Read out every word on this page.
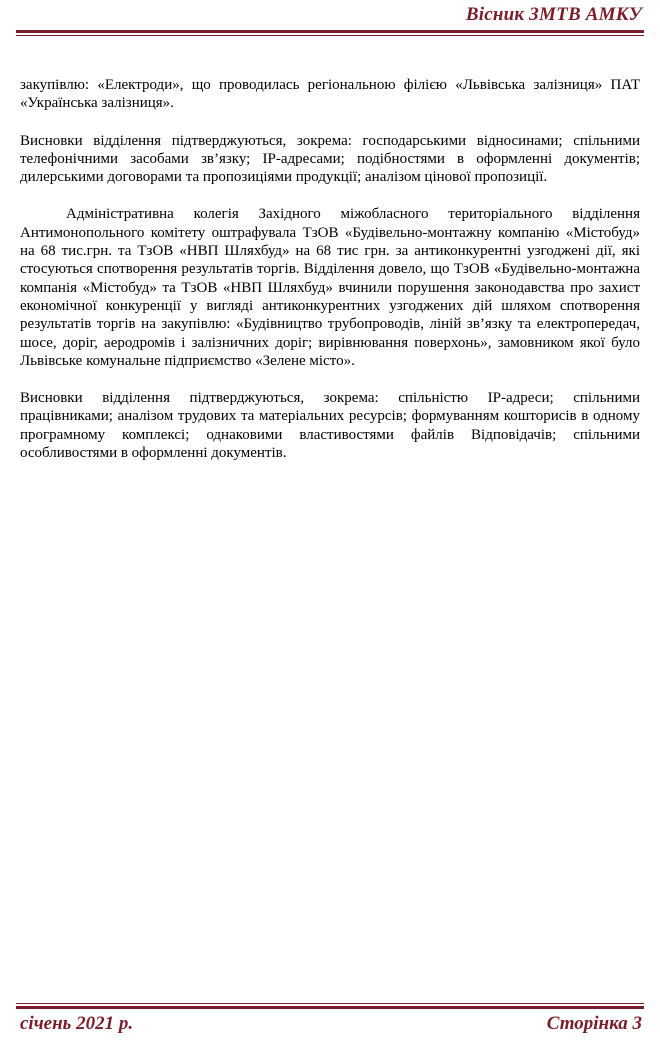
Вісник ЗМТВ АМКУ

закупівлю: «Електроди», що проводилась регіональною філією «Львівська залізниця» ПАТ «Українська залізниця».

Висновки відділення підтверджуються, зокрема: господарськими відносинами; спільними телефонічними засобами зв’язку; IP-адресами; подібностями в оформленні документів; дилерськими договорами та пропозиціями продукції; аналізом цінової пропозиції.

Адміністративна колегія Західного міжобласного територіального відділення Антимонопольного комітету оштрафувала ТзОВ «Будівельно-монтажну компанію «Містобуд» на 68 тис.грн. та ТзОВ «НВП Шляхбуд» на 68 тис грн. за антиконкурентні узгоджені дії, які стосуються спотворення результатів торгів. Відділення довело, що ТзОВ «Будівельно-монтажна компанія «Містобуд» та ТзОВ «НВП Шляхбуд» вчинили порушення законодавства про захист економічної конкуренції у вигляді антиконкурентних узгоджених дій шляхом спотворення результатів торгів на закупівлю: «Будівництво трубопроводів, ліній зв’язку та електропередач, шосе, доріг, аеродромів і залізничних доріг; вирівнювання поверхонь», замовником якої було Львівське комунальне підприємство «Зелене місто».

Висновки відділення підтверджуються, зокрема: спільністю IP-адреси; спільними працівниками; аналізом трудових та матеріальних ресурсів; формуванням кошторисів в одному програмному комплексі; однаковими властивостями файлів Відповідачів; спільними особливостями в оформленні документів.

січень 2021 р.	Сторінка 3
